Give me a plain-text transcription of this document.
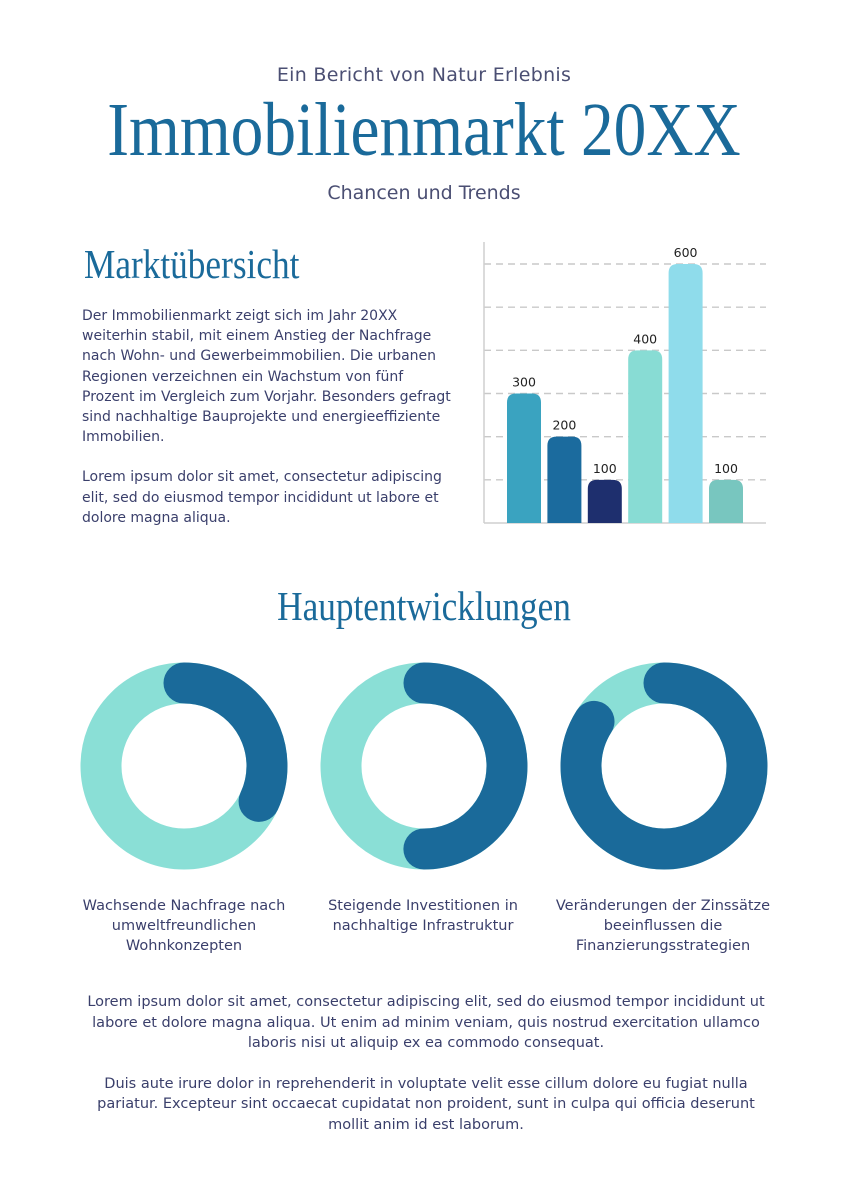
Ein Bericht von Natur Erlebnis
Immobilienmarkt 20XX
Chancen und Trends
Marktübersicht

Der Immobilienmarkt zeigt sich im Jahr 20XX weiterhin stabil, mit einem Anstieg der Nachfrage nach Wohn- und Gewerbeimmobilien. Die urbanen Regionen verzeichnen ein Wachstum von fünf Prozent im Vergleich zum Vorjahr. Besonders gefragt sind nachhaltige Bauprojekte und energieeffiziente Immobilien.

Lorem ipsum dolor sit amet, consectetur adipiscing elit, sed do eiusmod tempor incididunt ut labore et dolore magna aliqua.

300
200
100
400
600
100
Hauptentwicklungen
Wachsende Nachfrage nach umweltfreundlichen Wohnkonzepten
Steigende Investitionen in nachhaltige Infrastruktur
Veränderungen der Zinssätze beeinflussen die Finanzierungsstrategien

Lorem ipsum dolor sit amet, consectetur adipiscing elit, sed do eiusmod tempor incididunt ut labore et dolore magna aliqua. Ut enim ad minim veniam, quis nostrud exercitation ullamco laboris nisi ut aliquip ex ea commodo consequat.

Duis aute irure dolor in reprehenderit in voluptate velit esse cillum dolore eu fugiat nulla pariatur. Excepteur sint occaecat cupidatat non proident, sunt in culpa qui officia deserunt mollit anim id est laborum.
